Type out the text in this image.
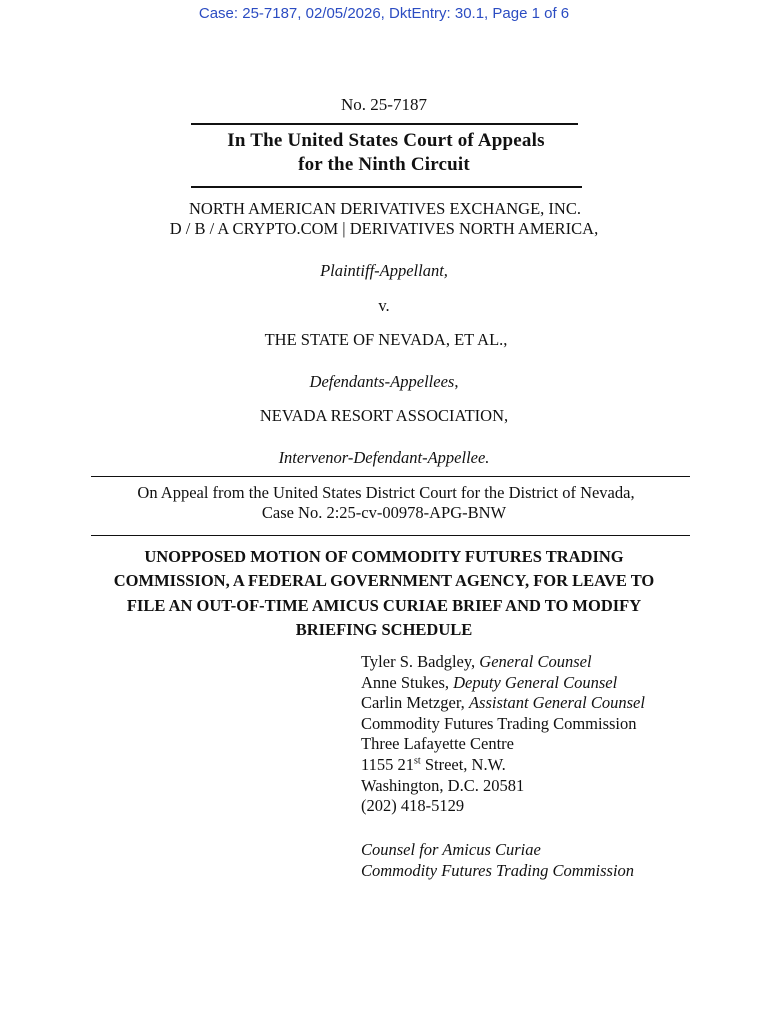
Case: 25-7187, 02/05/2026, DktEntry: 30.1, Page 1 of 6
No. 25-7187
In The United States Court of Appeals
for the Ninth Circuit
NORTH AMERICAN DERIVATIVES EXCHANGE, INC.
D / B / A CRYPTO.COM | DERIVATIVES NORTH AMERICA,
Plaintiff-Appellant,
v.
THE STATE OF NEVADA, ET AL.,
Defendants-Appellees,
NEVADA RESORT ASSOCIATION,
Intervenor-Defendant-Appellee.
On Appeal from the United States District Court for the District of Nevada,
Case No. 2:25-cv-00978-APG-BNW
UNOPPOSED MOTION OF COMMODITY FUTURES TRADING
COMMISSION, A FEDERAL GOVERNMENT AGENCY, FOR LEAVE TO
FILE AN OUT-OF-TIME AMICUS CURIAE BRIEF AND TO MODIFY
BRIEFING SCHEDULE
Tyler S. Badgley, General Counsel
Anne Stukes, Deputy General Counsel
Carlin Metzger, Assistant General Counsel
Commodity Futures Trading Commission
Three Lafayette Centre
1155 21st Street, N.W.
Washington, D.C. 20581
(202) 418-5129
Counsel for Amicus Curiae
Commodity Futures Trading Commission
